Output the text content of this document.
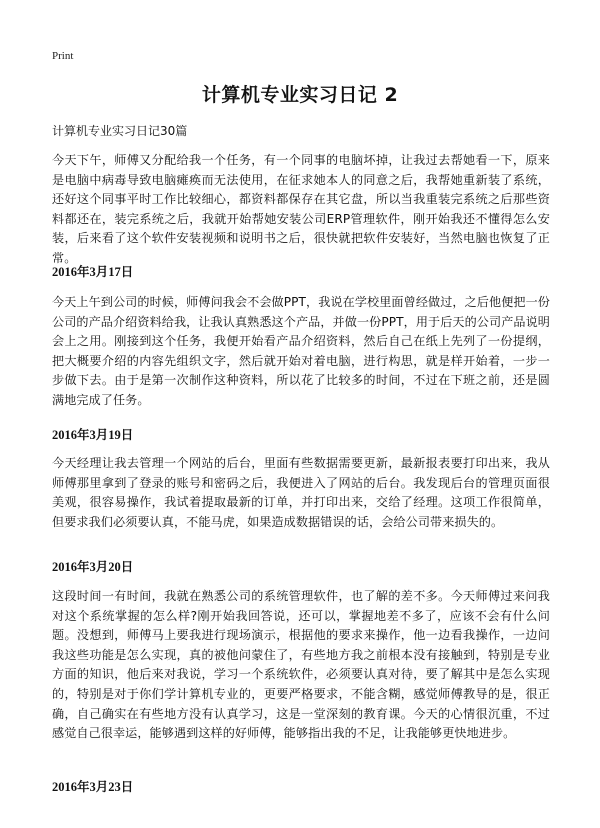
Print
计算机专业实习日记 2
计算机专业实习日记30篇

今天下午，师傅又分配给我一个任务，有一个同事的电脑坏掉，让我过去帮她看一下，原来是电脑中病毒导致电脑瘫痪而无法使用，在征求她本人的同意之后，我帮她重新装了系统，还好这个同事平时工作比较细心，都资料都保存在其它盘，所以当我重装完系统之后那些资料都还在，装完系统之后，我就开始帮她安装公司ERP管理软件，刚开始我还不懂得怎么安装，后来看了这个软件安装视频和说明书之后，很快就把软件安装好，当然电脑也恢复了正常。

2016年3月17日

今天上午到公司的时候，师傅问我会不会做PPT，我说在学校里面曾经做过，之后他便把一份公司的产品介绍资料给我，让我认真熟悉这个产品，并做一份PPT，用于后天的公司产品说明会上之用。刚接到这个任务，我便开始看产品介绍资料，然后自己在纸上先列了一份提纲，把大概要介绍的内容先组织文字，然后就开始对着电脑，进行构思，就是样开始着，一步一步做下去。由于是第一次制作这种资料，所以花了比较多的时间，不过在下班之前，还是圆满地完成了任务。

2016年3月19日

今天经理让我去管理一个网站的后台，里面有些数据需要更新，最新报表要打印出来，我从师傅那里拿到了登录的账号和密码之后，我便进入了网站的后台。我发现后台的管理页面很美观，很容易操作，我试着提取最新的订单，并打印出来，交给了经理。这项工作很简单，但要求我们必须要认真，不能马虎，如果造成数据错误的话，会给公司带来损失的。

2016年3月20日

这段时间一有时间，我就在熟悉公司的系统管理软件，也了解的差不多。今天师傅过来问我对这个系统掌握的怎么样?刚开始我回答说，还可以，掌握地差不多了，应该不会有什么问题。没想到，师傅马上要我进行现场演示，根据他的要求来操作，他一边看我操作，一边问我这些功能是怎么实现，真的被他问蒙住了，有些地方我之前根本没有接触到，特别是专业方面的知识，他后来对我说，学习一个系统软件，必须要认真对待，要了解其中是怎么实现的，特别是对于你们学计算机专业的，更要严格要求，不能含糊，感觉师傅教导的是，很正确，自己确实在有些地方没有认真学习，这是一堂深刻的教育课。今天的心情很沉重，不过感觉自己很幸运，能够遇到这样的好师傅，能够指出我的不足，让我能够更快地进步。

2016年3月23日
